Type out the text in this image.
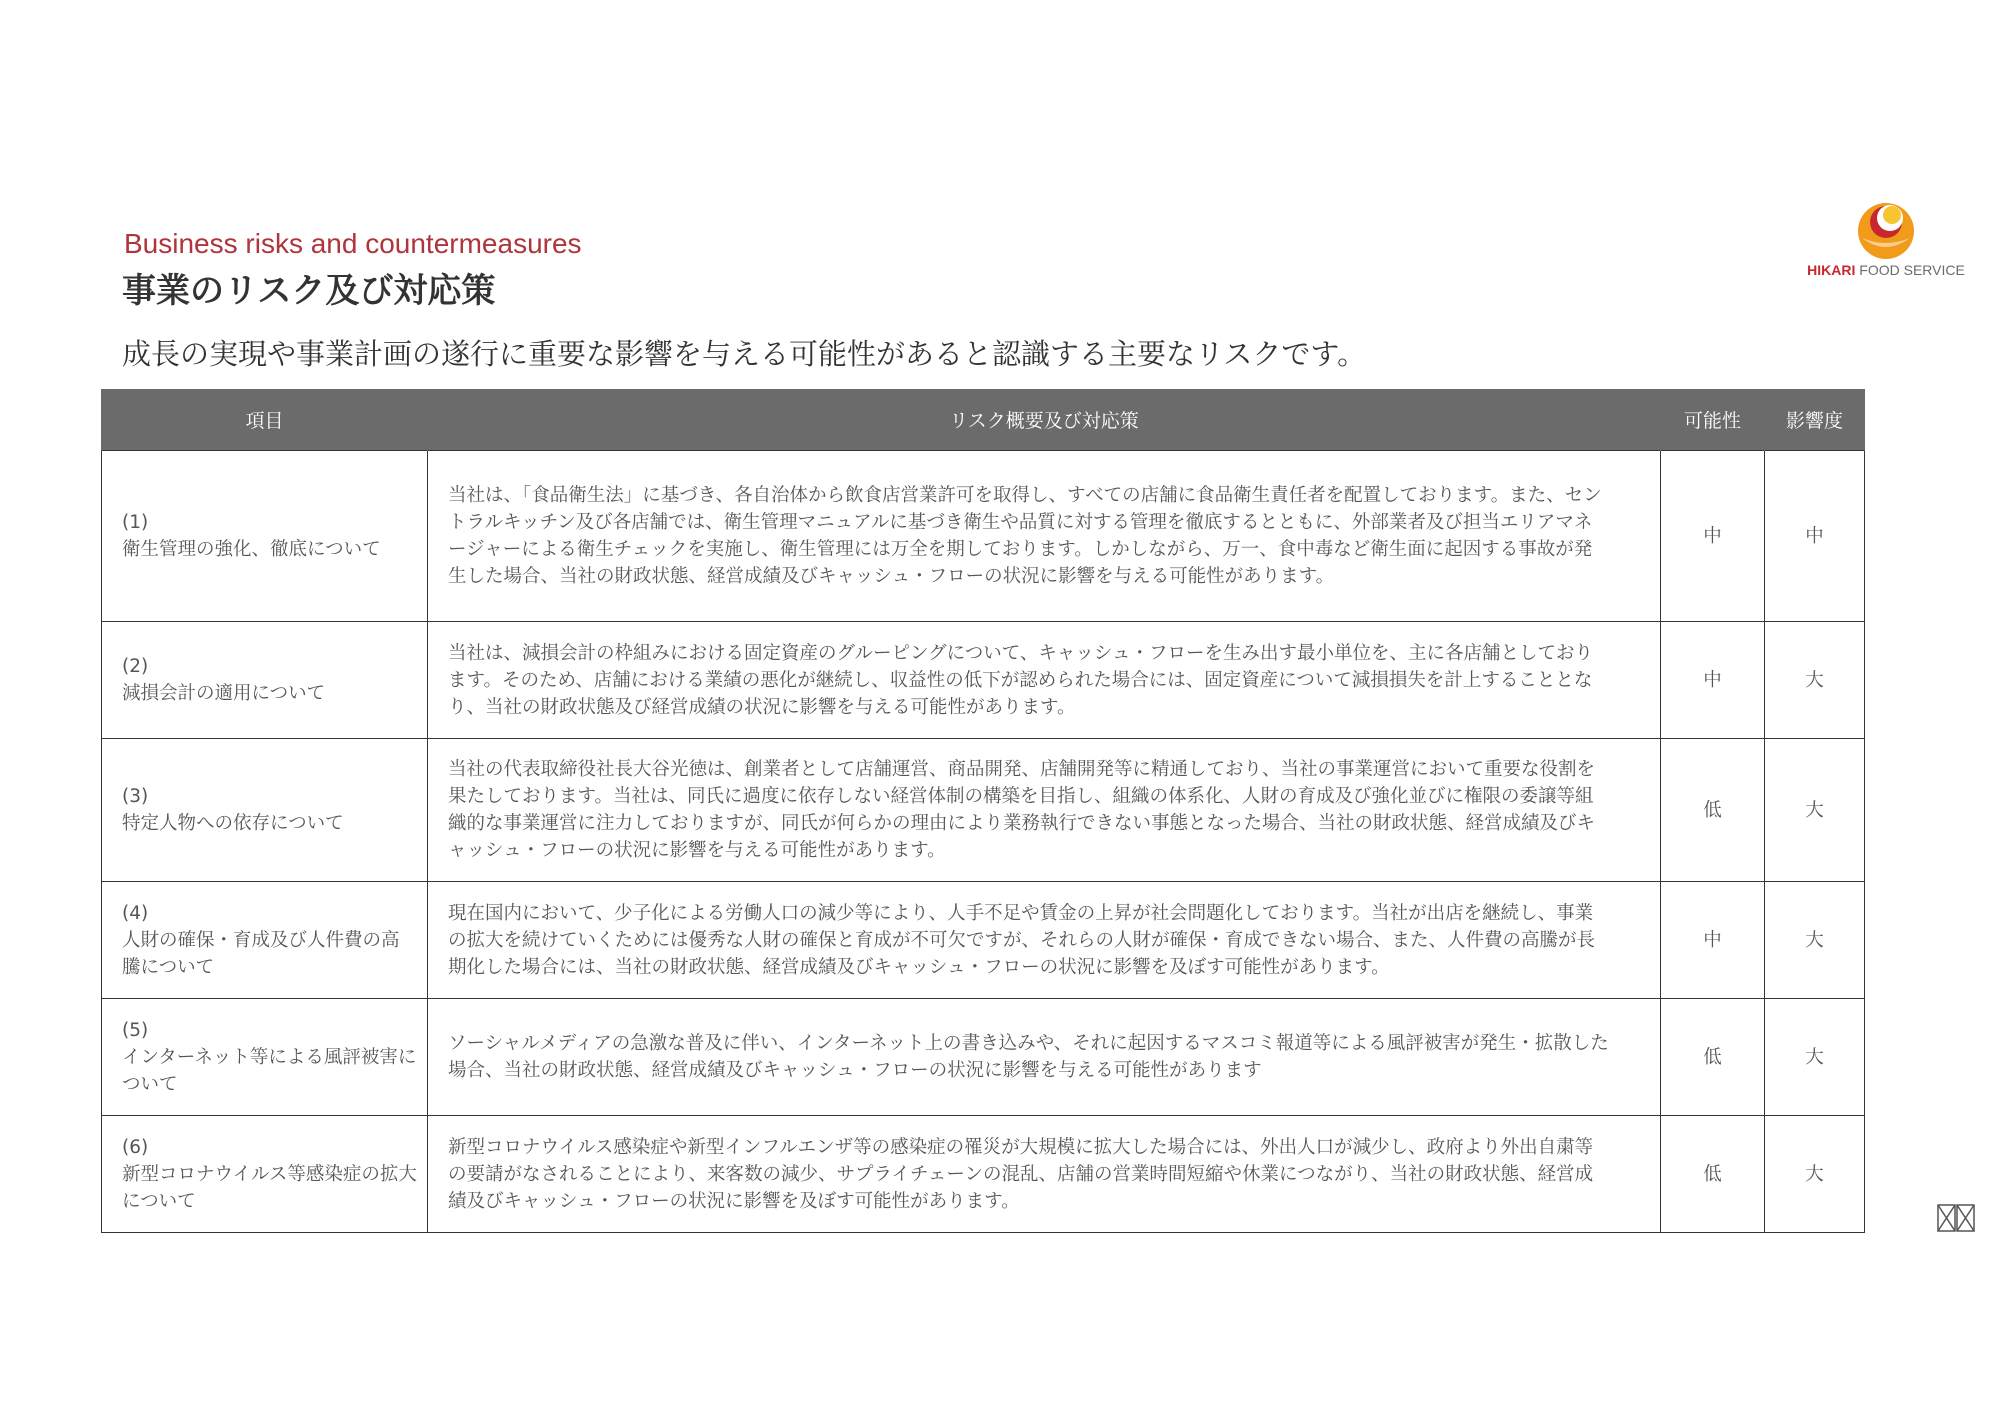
Business risks and countermeasures
事業のリスク及び対応策
成長の実現や事業計画の遂行に重要な影響を与える可能性があると認識する主要なリスクです。
HIKARI FOOD SERVICE
項目	リスク概要及び対応策	可能性	影響度

(1)
衛生管理の強化、徹底について	当社は、「食品衛生法」に基づき、各自治体から飲食店営業許可を取得し、すべての店舗に食品衛生責任者を配置しております。また、セントラルキッチン及び各店舗では、衛生管理マニュアルに基づき衛生や品質に対する管理を徹底するとともに、外部業者及び担当エリアマネージャーによる衛生チェックを実施し、衛生管理には万全を期しております。しかしながら、万一、食中毒など衛生面に起因する事故が発生した場合、当社の財政状態、経営成績及びキャッシュ・フローの状況に影響を与える可能性があります。	中	中

(2)
減損会計の適用について	当社は、減損会計の枠組みにおける固定資産のグルーピングについて、キャッシュ・フローを生み出す最小単位を、主に各店舗としております。そのため、店舗における業績の悪化が継続し、収益性の低下が認められた場合には、固定資産について減損損失を計上することとなり、当社の財政状態及び経営成績の状況に影響を与える可能性があります。	中	大

(3)
特定人物への依存について	当社の代表取締役社長大谷光徳は、創業者として店舗運営、商品開発、店舗開発等に精通しており、当社の事業運営において重要な役割を果たしております。当社は、同氏に過度に依存しない経営体制の構築を目指し、組織の体系化、人財の育成及び強化並びに権限の委譲等組織的な事業運営に注力しておりますが、同氏が何らかの理由により業務執行できない事態となった場合、当社の財政状態、経営成績及びキャッシュ・フローの状況に影響を与える可能性があります。	低	大

(4)
人財の確保・育成及び人件費の高騰について	現在国内において、少子化による労働人口の減少等により、人手不足や賃金の上昇が社会問題化しております。当社が出店を継続し、事業の拡大を続けていくためには優秀な人財の確保と育成が不可欠ですが、それらの人財が確保・育成できない場合、また、人件費の高騰が長期化した場合には、当社の財政状態、経営成績及びキャッシュ・フローの状況に影響を及ぼす可能性があります。	中	大

(5)
インターネット等による風評被害について	ソーシャルメディアの急激な普及に伴い、インターネット上の書き込みや、それに起因するマスコミ報道等による風評被害が発生・拡散した場合、当社の財政状態、経営成績及びキャッシュ・フローの状況に影響を与える可能性があります	低	大

(6)
新型コロナウイルス等感染症の拡大について	新型コロナウイルス感染症や新型インフルエンザ等の感染症の罹災が大規模に拡大した場合には、外出人口が減少し、政府より外出自粛等の要請がなされることにより、来客数の減少、サプライチェーンの混乱、店舗の営業時間短縮や休業につながり、当社の財政状態、経営成績及びキャッシュ・フローの状況に影響を及ぼす可能性があります。	低	大
